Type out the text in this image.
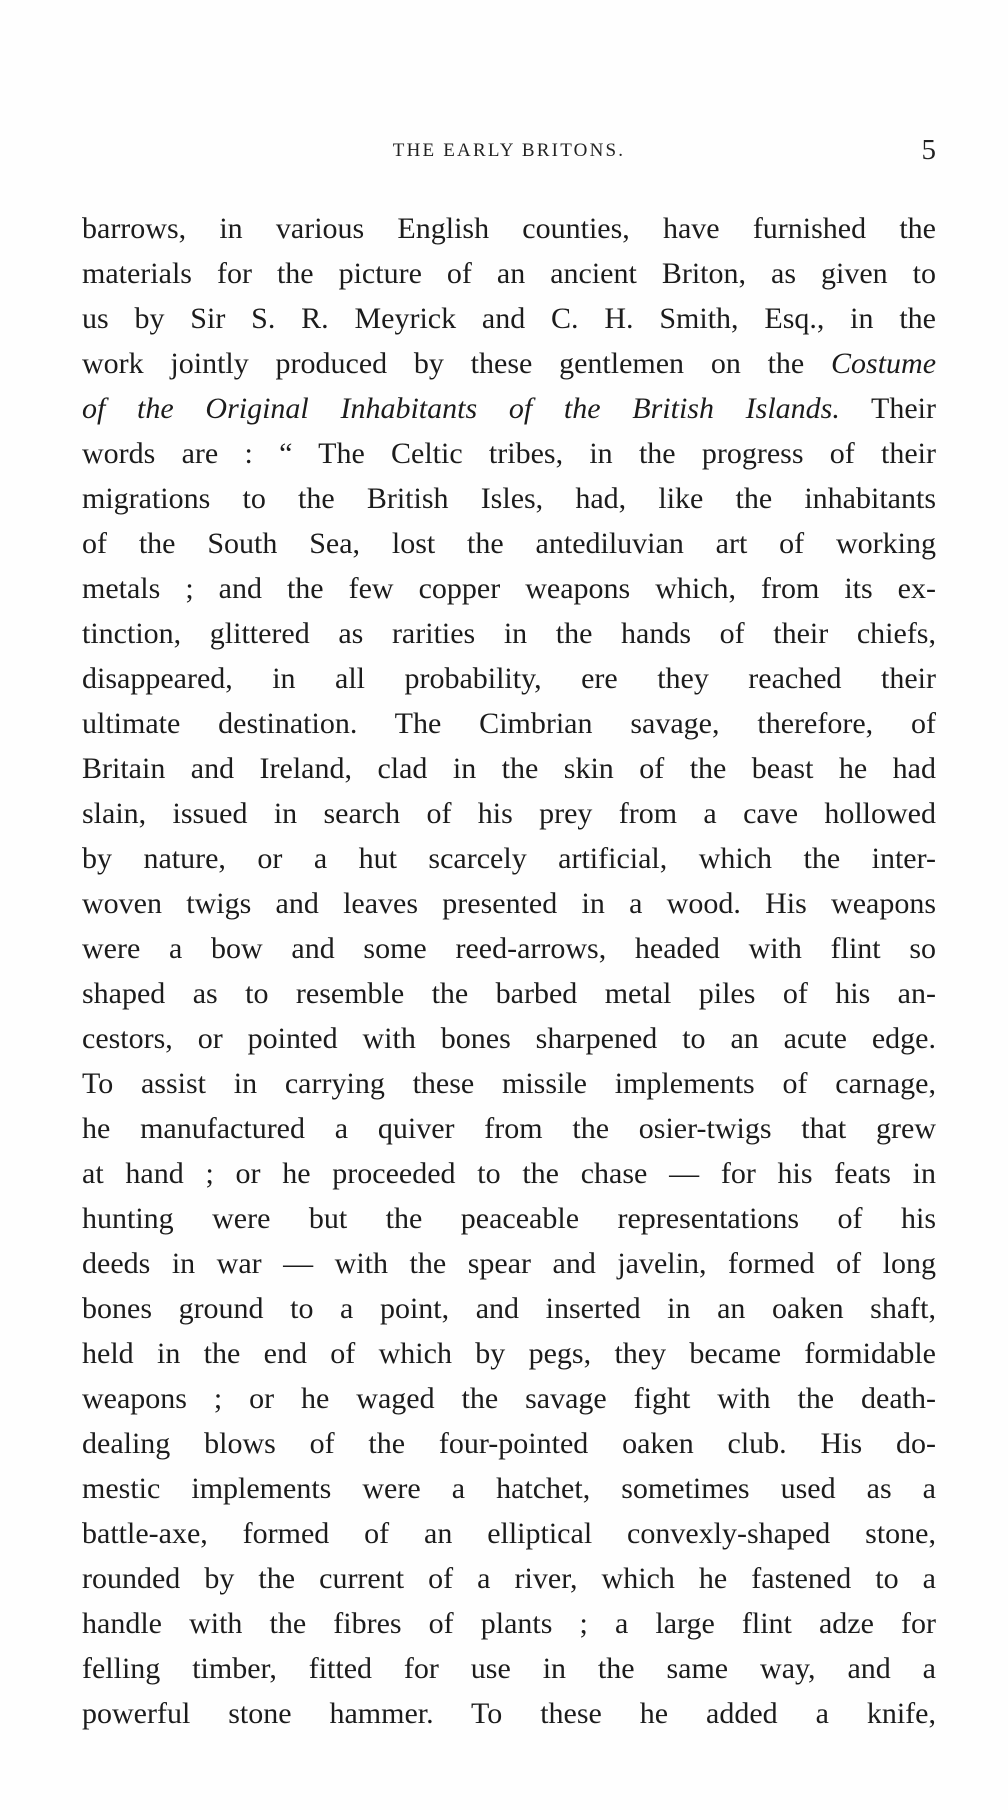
THE EARLY BRITONS.	5
barrows, in various English counties, have furnished the
materials for the picture of an ancient Briton, as given to
us by Sir S. R. Meyrick and C. H. Smith, Esq., in the
work jointly produced by these gentlemen on the Costume
of the Original Inhabitants of the British Islands. Their
words are : “ The Celtic tribes, in the progress of their
migrations to the British Isles, had, like the inhabitants
of the South Sea, lost the antediluvian art of working
metals ; and the few copper weapons which, from its ex-
tinction, glittered as rarities in the hands of their chiefs,
disappeared, in all probability, ere they reached their
ultimate destination. The Cimbrian savage, therefore, of
Britain and Ireland, clad in the skin of the beast he had
slain, issued in search of his prey from a cave hollowed
by nature, or a hut scarcely artificial, which the inter-
woven twigs and leaves presented in a wood. His weapons
were a bow and some reed-arrows, headed with flint so
shaped as to resemble the barbed metal piles of his an-
cestors, or pointed with bones sharpened to an acute edge.
To assist in carrying these missile implements of carnage,
he manufactured a quiver from the osier-twigs that grew
at hand ; or he proceeded to the chase — for his feats in
hunting were but the peaceable representations of his
deeds in war — with the spear and javelin, formed of long
bones ground to a point, and inserted in an oaken shaft,
held in the end of which by pegs, they became formidable
weapons ; or he waged the savage fight with the death-
dealing blows of the four-pointed oaken club. His do-
mestic implements were a hatchet, sometimes used as a
battle-axe, formed of an elliptical convexly-shaped stone,
rounded by the current of a river, which he fastened to a
handle with the fibres of plants ; a large flint adze for
felling timber, fitted for use in the same way, and a
powerful stone hammer. To these he added a knife,
